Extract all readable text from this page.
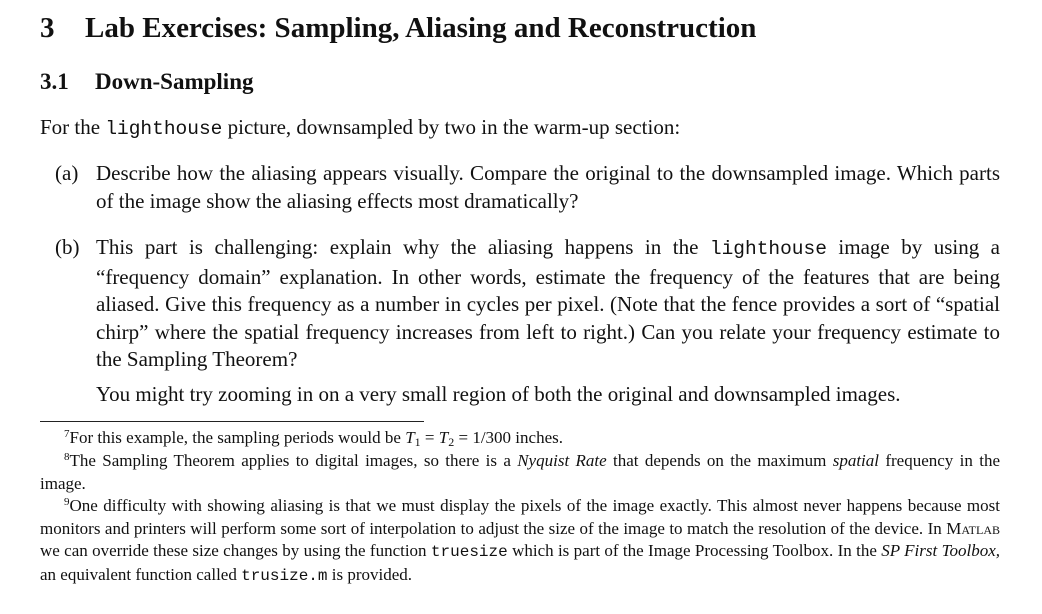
3 Lab Exercises: Sampling, Aliasing and Reconstruction
3.1 Down-Sampling
For the lighthouse picture, downsampled by two in the warm-up section:
(a) Describe how the aliasing appears visually. Compare the original to the downsampled image. Which parts of the image show the aliasing effects most dramatically?
(b) This part is challenging: explain why the aliasing happens in the lighthouse image by using a “frequency domain” explanation. In other words, estimate the frequency of the features that are being aliased. Give this frequency as a number in cycles per pixel. (Note that the fence provides a sort of “spatial chirp” where the spatial frequency increases from left to right.) Can you relate your frequency estimate to the Sampling Theorem?
You might try zooming in on a very small region of both the original and downsampled images.
$^7$For this example, the sampling periods would be $T_1 = T_2 = 1/300$ inches.
$^8$The Sampling Theorem applies to digital images, so there is a Nyquist Rate that depends on the maximum spatial frequency in the image.
$^9$One difficulty with showing aliasing is that we must display the pixels of the image exactly. This almost never happens because most monitors and printers will perform some sort of interpolation to adjust the size of the image to match the resolution of the device. In Matlab we can override these size changes by using the function truesize which is part of the Image Processing Toolbox. In the SP First Toolbox, an equivalent function called trusize.m is provided.
